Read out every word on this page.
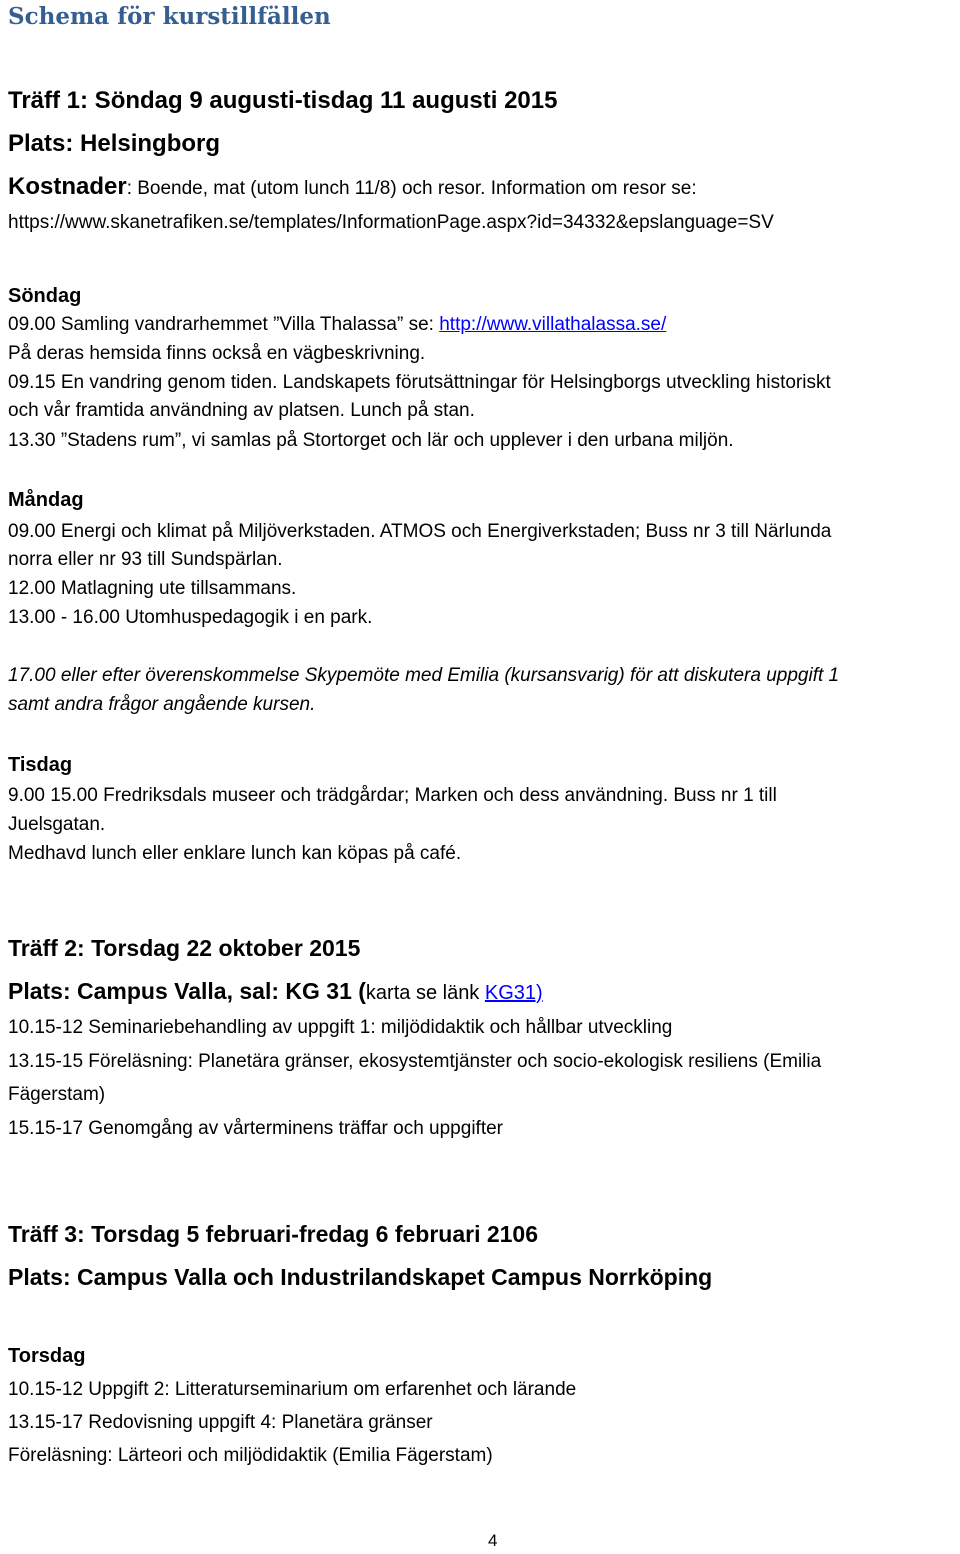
Schema för kurstillfällen
Träff 1: Söndag 9 augusti-tisdag 11 augusti 2015
Plats: Helsingborg
Kostnader: Boende, mat (utom lunch 11/8) och resor. Information om resor se:
https://www.skanetrafiken.se/templates/InformationPage.aspx?id=34332&epslanguage=SV
Söndag
09.00 Samling vandrarhemmet ”Villa Thalassa” se: http://www.villathalassa.se/
På deras hemsida finns också en vägbeskrivning.
09.15 En vandring genom tiden. Landskapets förutsättningar för Helsingborgs utveckling historiskt
och vår framtida användning av platsen. Lunch på stan.
13.30 ”Stadens rum”, vi samlas på Stortorget och lär och upplever i den urbana miljön.
Måndag
09.00 Energi och klimat på Miljöverkstaden. ATMOS och Energiverkstaden; Buss nr 3 till Närlunda
norra eller nr 93 till Sundspärlan.
12.00 Matlagning ute tillsammans.
13.00 - 16.00 Utomhuspedagogik i en park.
17.00 eller efter överenskommelse Skypemöte med Emilia (kursansvarig) för att diskutera uppgift 1
samt andra frågor angående kursen.
Tisdag
9.00 15.00 Fredriksdals museer och trädgårdar; Marken och dess användning. Buss nr 1 till
Juelsgatan.
Medhavd lunch eller enklare lunch kan köpas på café.
Träff 2: Torsdag 22 oktober 2015
Plats: Campus Valla, sal: KG 31 (karta se länk KG31)
10.15-12 Seminariebehandling av uppgift 1: miljödidaktik och hållbar utveckling
13.15-15 Föreläsning: Planetära gränser, ekosystemtjänster och socio-ekologisk resiliens (Emilia
Fägerstam)
15.15-17 Genomgång av vårterminens träffar och uppgifter
Träff 3: Torsdag 5 februari-fredag 6 februari 2106
Plats: Campus Valla och Industrilandskapet Campus Norrköping
Torsdag
10.15-12 Uppgift 2: Litteraturseminarium om erfarenhet och lärande
13.15-17 Redovisning uppgift 4: Planetära gränser
Föreläsning: Lärteori och miljödidaktik (Emilia Fägerstam)
4
